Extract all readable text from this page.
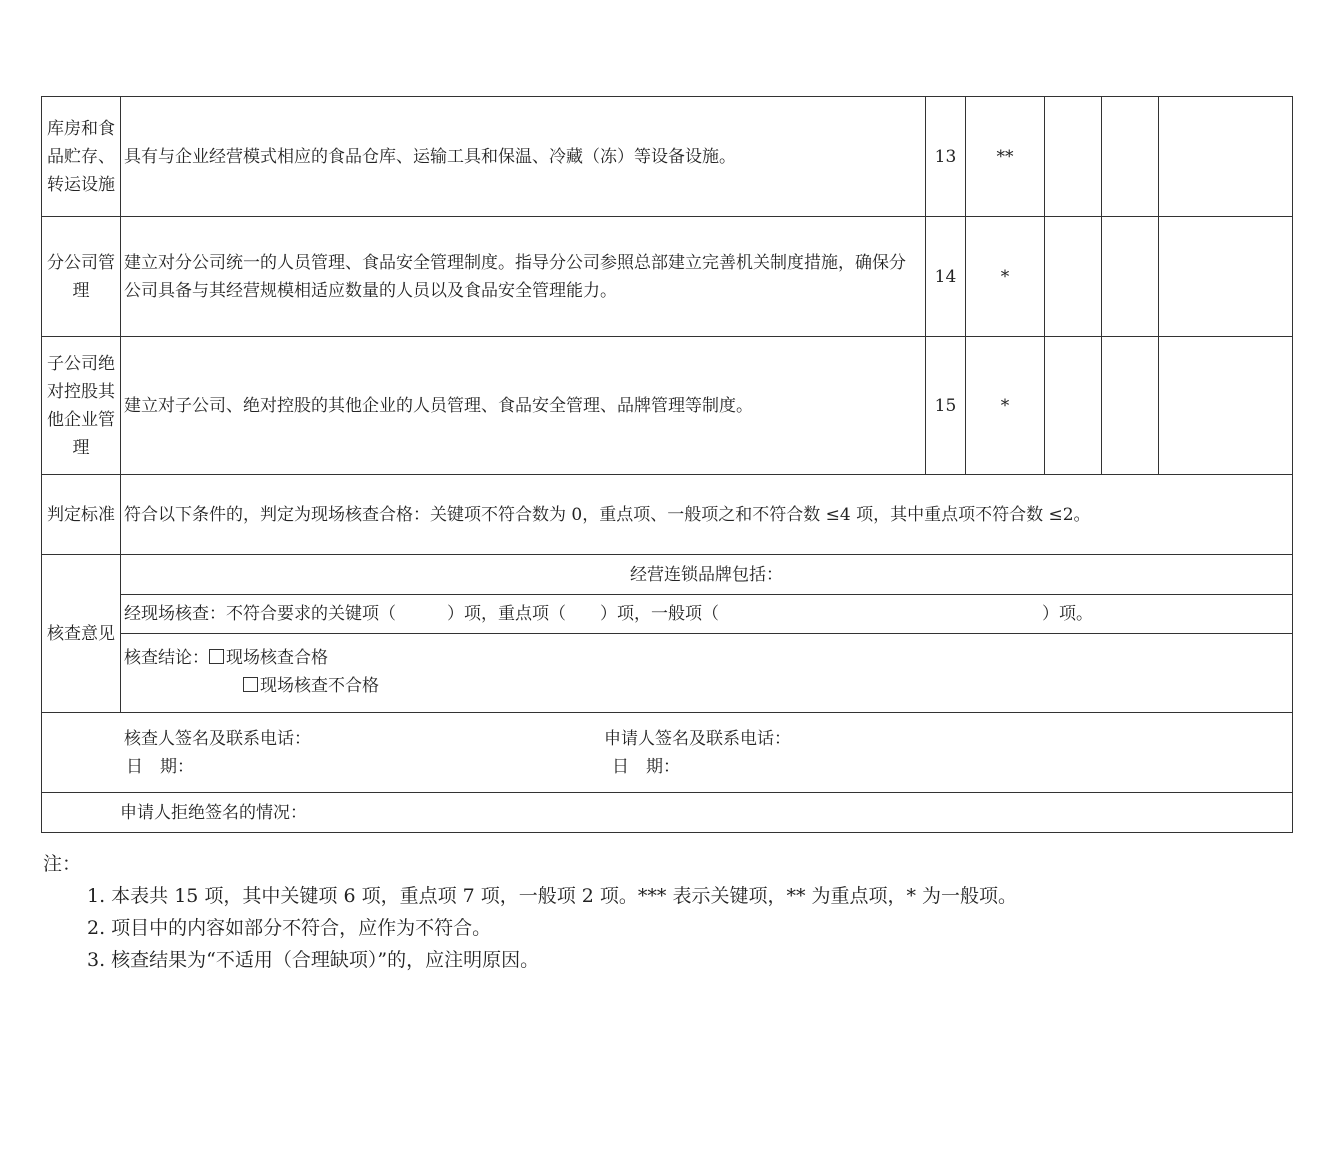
库房和食品贮存、转运设施	具有与企业经营模式相应的食品仓库、运输工具和保温、冷藏（冻）等设备设施。	13	**			
分公司管理	建立对分公司统一的人员管理、食品安全管理制度。指导分公司参照总部建立完善机关制度措施，确保分公司具备与其经营规模相适应数量的人员以及食品安全管理能力。	14	*			
子公司绝对控股其他企业管理	建立对子公司、绝对控股的其他企业的人员管理、食品安全管理、品牌管理等制度。	15	*			
判定标准	符合以下条件的，判定为现场核查合格：关键项不符合数为 0，重点项、一般项之和不符合数 ≤4 项，其中重点项不符合数 ≤2。					
核查意见	经营连锁品牌包括：
经现场核查：不符合要求的关键项（　　　）项，重点项（　　）项，一般项（　　　　　　　　　　　　　　　　　　　）项。
核查结论： 现场核查合格
现场核查不合格					

核查人签名及联系电话： 申请人签名及联系电话：
日　期： 日　期：						

申请人拒绝签名的情况：						
注：
1. 本表共 15 项，其中关键项 6 项，重点项 7 项，一般项 2 项。*** 表示关键项，** 为重点项，* 为一般项。
2. 项目中的内容如部分不符合，应作为不符合。
3. 核查结果为“不适用（合理缺项）”的，应注明原因。
